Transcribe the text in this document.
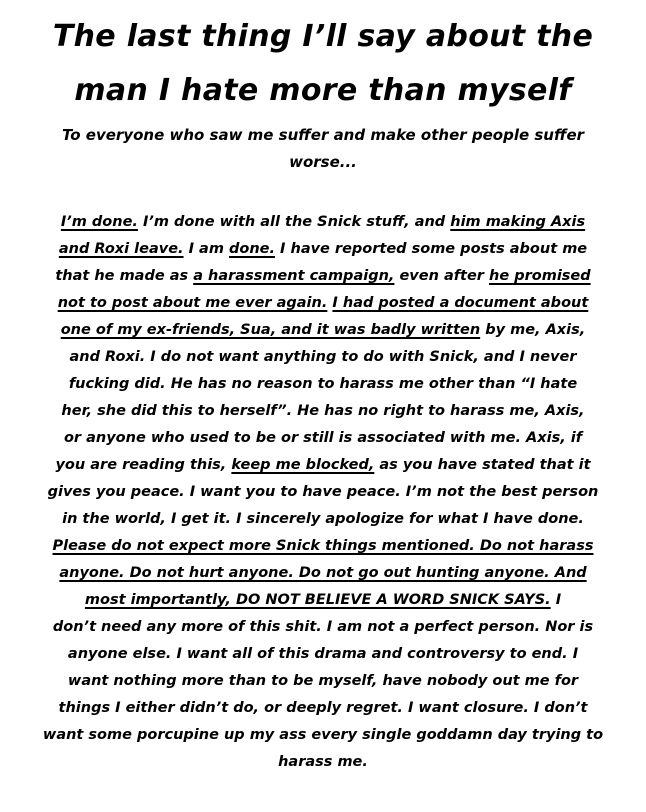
The last thing I’ll say about the
man I hate more than myself

To everyone who saw me suffer and make other people suffer
worse...

I’m done. I’m done with all the Snick stuff, and him making Axis
and Roxi leave. I am done. I have reported some posts about me
that he made as a harassment campaign, even after he promised
not to post about me ever again. I had posted a document about
one of my ex-friends, Sua, and it was badly written by me, Axis,
and Roxi. I do not want anything to do with Snick, and I never
fucking did. He has no reason to harass me other than “I hate
her, she did this to herself”. He has no right to harass me, Axis,
or anyone who used to be or still is associated with me. Axis, if
you are reading this, keep me blocked, as you have stated that it
gives you peace. I want you to have peace. I’m not the best person
in the world, I get it. I sincerely apologize for what I have done.
Please do not expect more Snick things mentioned. Do not harass
anyone. Do not hurt anyone. Do not go out hunting anyone. And
most importantly, DO NOT BELIEVE A WORD SNICK SAYS. I
don’t need any more of this shit. I am not a perfect person. Nor is
anyone else. I want all of this drama and controversy to end. I
want nothing more than to be myself, have nobody out me for
things I either didn’t do, or deeply regret. I want closure. I don’t
want some porcupine up my ass every single goddamn day trying to
harass me.
